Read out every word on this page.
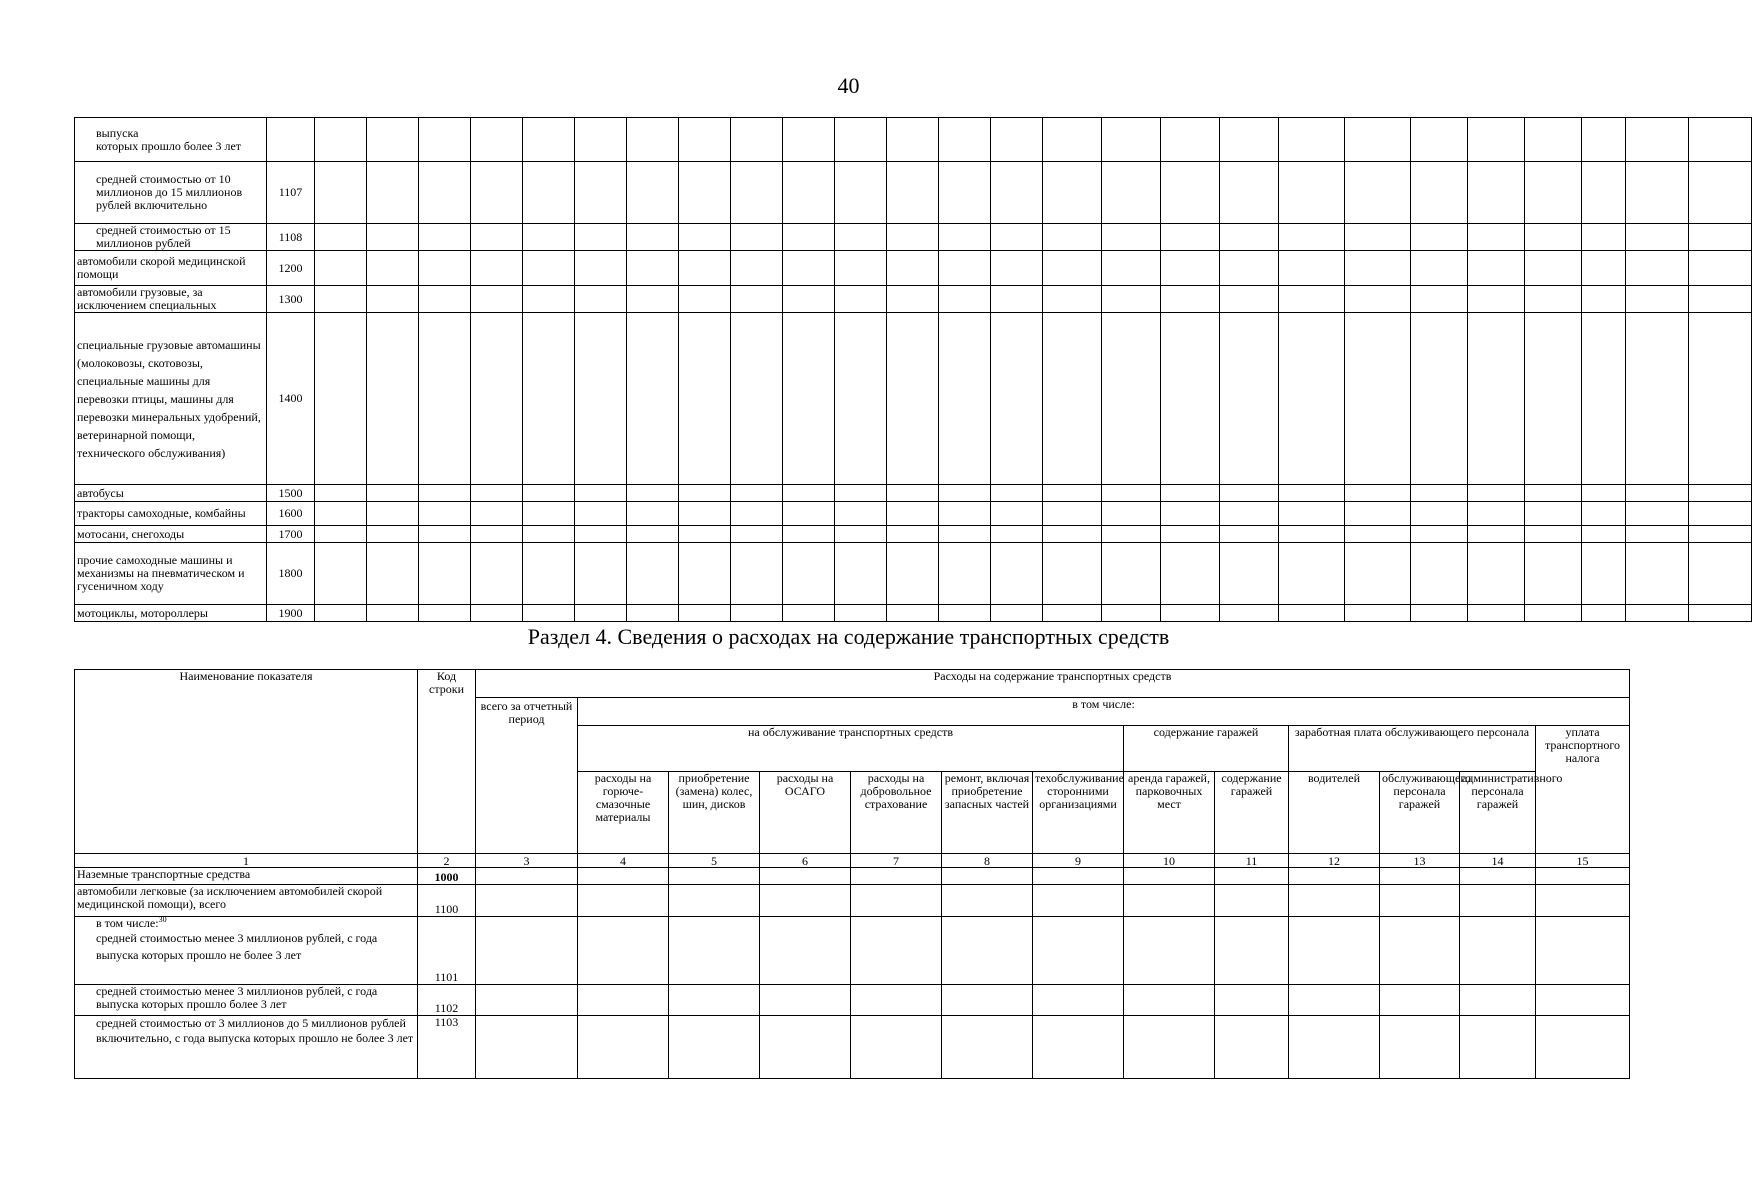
40
выпуска
которых прошло более 3 лет																											
средней стоимостью от 10 миллионов до 15 миллионов рублей включительно	1107																										
средней стоимостью от 15 миллионов рублей	1108																										
автомобили скорой медицинской помощи	1200																										
автомобили грузовые, за исключением специальных	1300																										
специальные грузовые автомашины (молоковозы, скотовозы, специальные машины для перевозки птицы, машины для перевозки минеральных удобрений, ветеринарной помощи, технического обслуживания)	1400																										
автобусы	1500																										
тракторы самоходные, комбайны	1600																										
мотосани, снегоходы	1700																										
прочие самоходные машины и механизмы на пневматическом и гусеничном ходу	1800																										
мотоциклы, мотороллеры	1900																										
Раздел 4. Сведения о расходах на содержание транспортных средств
Наименование показателя	Код строки	Расходы на содержание транспортных средств												
		всего за отчетный период	в том числе:											
			на обслуживание транспортных средств						содержание гаражей		заработная плата обслуживающего персонала			уплата транспортного налога
			расходы на горюче-смазочные материалы	приобретение (замена) колес, шин, дисков	расходы на ОСАГО	расходы на добровольное страхование	ремонт, включая приобретение запасных частей	техобслуживание сторонними организациями	аренда гаражей, парковочных мест	содержание гаражей	водителей	обслуживающего персонала гаражей	административного персонала гаражей	

1	2	3	4	5	6	7	8	9	10	11	12	13	14	15
Наземные транспортные средства	1000													
автомобили легковые (за исключением автомобилей скорой медицинской помощи), всего	1100													

в том числе:$^{30}$
средней стоимостью менее 3 миллионов рублей, с года выпуска которых прошло не более 3 лет	1101													
средней стоимостью менее 3 миллионов рублей, с года выпуска которых прошло более 3 лет	1102													
средней стоимостью от 3 миллионов до 5 миллионов рублей включительно, с года выпуска которых прошло не более 3 лет	1103													
